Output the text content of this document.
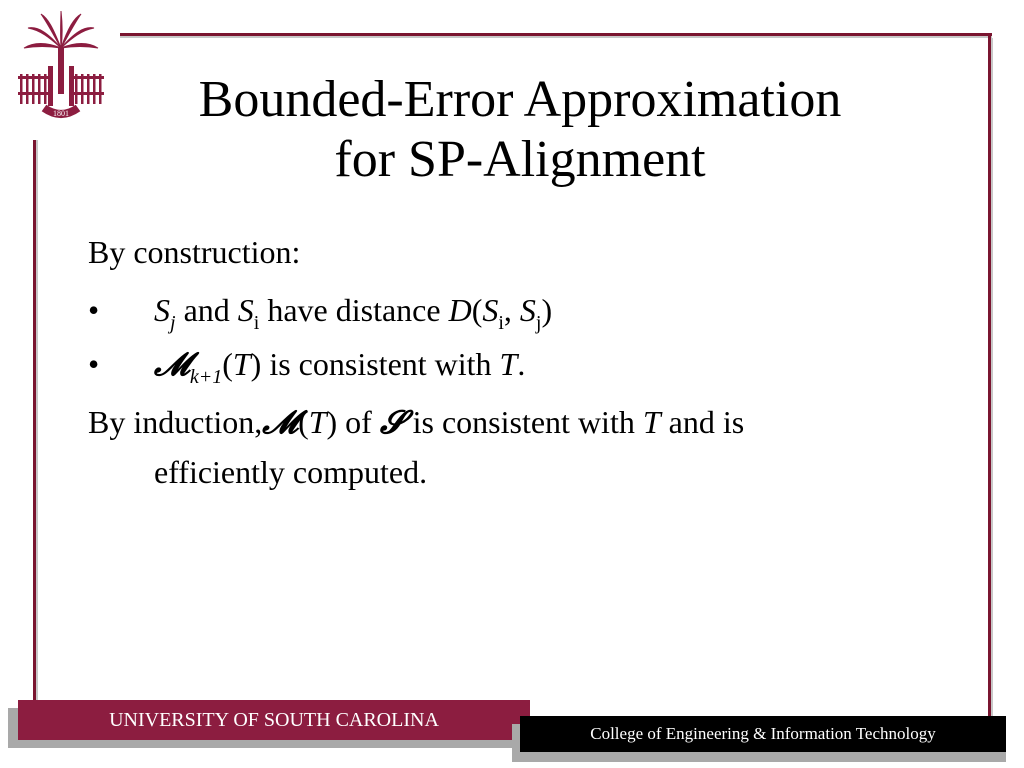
1801	Bounded-Error Approximation
for SP-Alignment
By construction:
•	$S_j$ and $S_i$ have distance $D(S_i$, $S_j$)
•	𝓜$_{k+1}$(T) is consistent with T.
By induction,𝓜(T) of 𝓢 is consistent with T and is
efficiently computed.
UNIVERSITY OF SOUTH CAROLINA
College of Engineering & Information Technology
